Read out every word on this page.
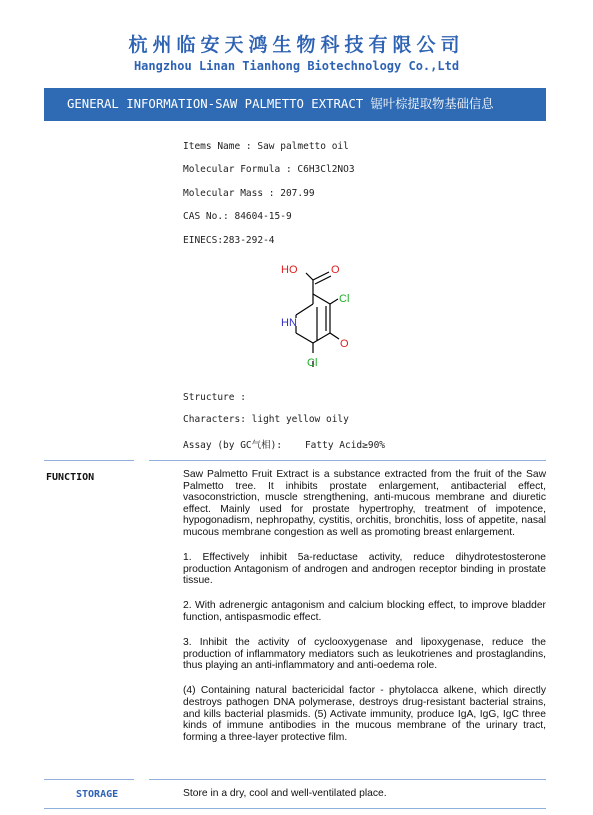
杭州临安天鸿生物科技有限公司
Hangzhou Linan Tianhong Biotechnology Co.,Ltd
GENERAL INFORMATION-SAW PALMETTO EXTRACT 锯叶棕提取物基础信息
Items Name : Saw palmetto oil
Molecular Formula : C6H3Cl2NO3
Molecular Mass : 207.99
CAS No.: 84604-15-9
EINECS:283-292-4
HO	O
Cl
HN
O
Cl
Structure :
Characters: light yellow oily
Assay (by GC气相):    Fatty Acid≥90%
FUNCTION	Saw Palmetto Fruit Extract is a substance extracted from the fruit of the Saw Palmetto tree. It inhibits prostate enlargement, antibacterial effect, vasoconstriction, muscle strengthening, anti-mucous membrane and diuretic effect. Mainly used for prostate hypertrophy, treatment of impotence, hypogonadism, nephropathy, cystitis, orchitis, bronchitis, loss of appetite, nasal mucous membrane congestion as well as promoting breast enlargement.

1. Effectively inhibit 5a-reductase activity, reduce dihydrotestosterone production Antagonism of androgen and androgen receptor binding in prostate tissue.

2. With adrenergic antagonism and calcium blocking effect, to improve bladder function, antispasmodic effect.

3. Inhibit the activity of cyclooxygenase and lipoxygenase, reduce the production of inflammatory mediators such as leukotrienes and prostaglandins, thus playing an anti-inflammatory and anti-oedema role.

(4) Containing natural bactericidal factor - phytolacca alkene, which directly destroys pathogen DNA polymerase, destroys drug-resistant bacterial strains, and kills bacterial plasmids. (5) Activate immunity, produce IgA, IgG, IgC three kinds of immune antibodies in the mucous membrane of the urinary tract, forming a three-layer protective film.

STORAGE	Store in a dry, cool and well-ventilated place.
